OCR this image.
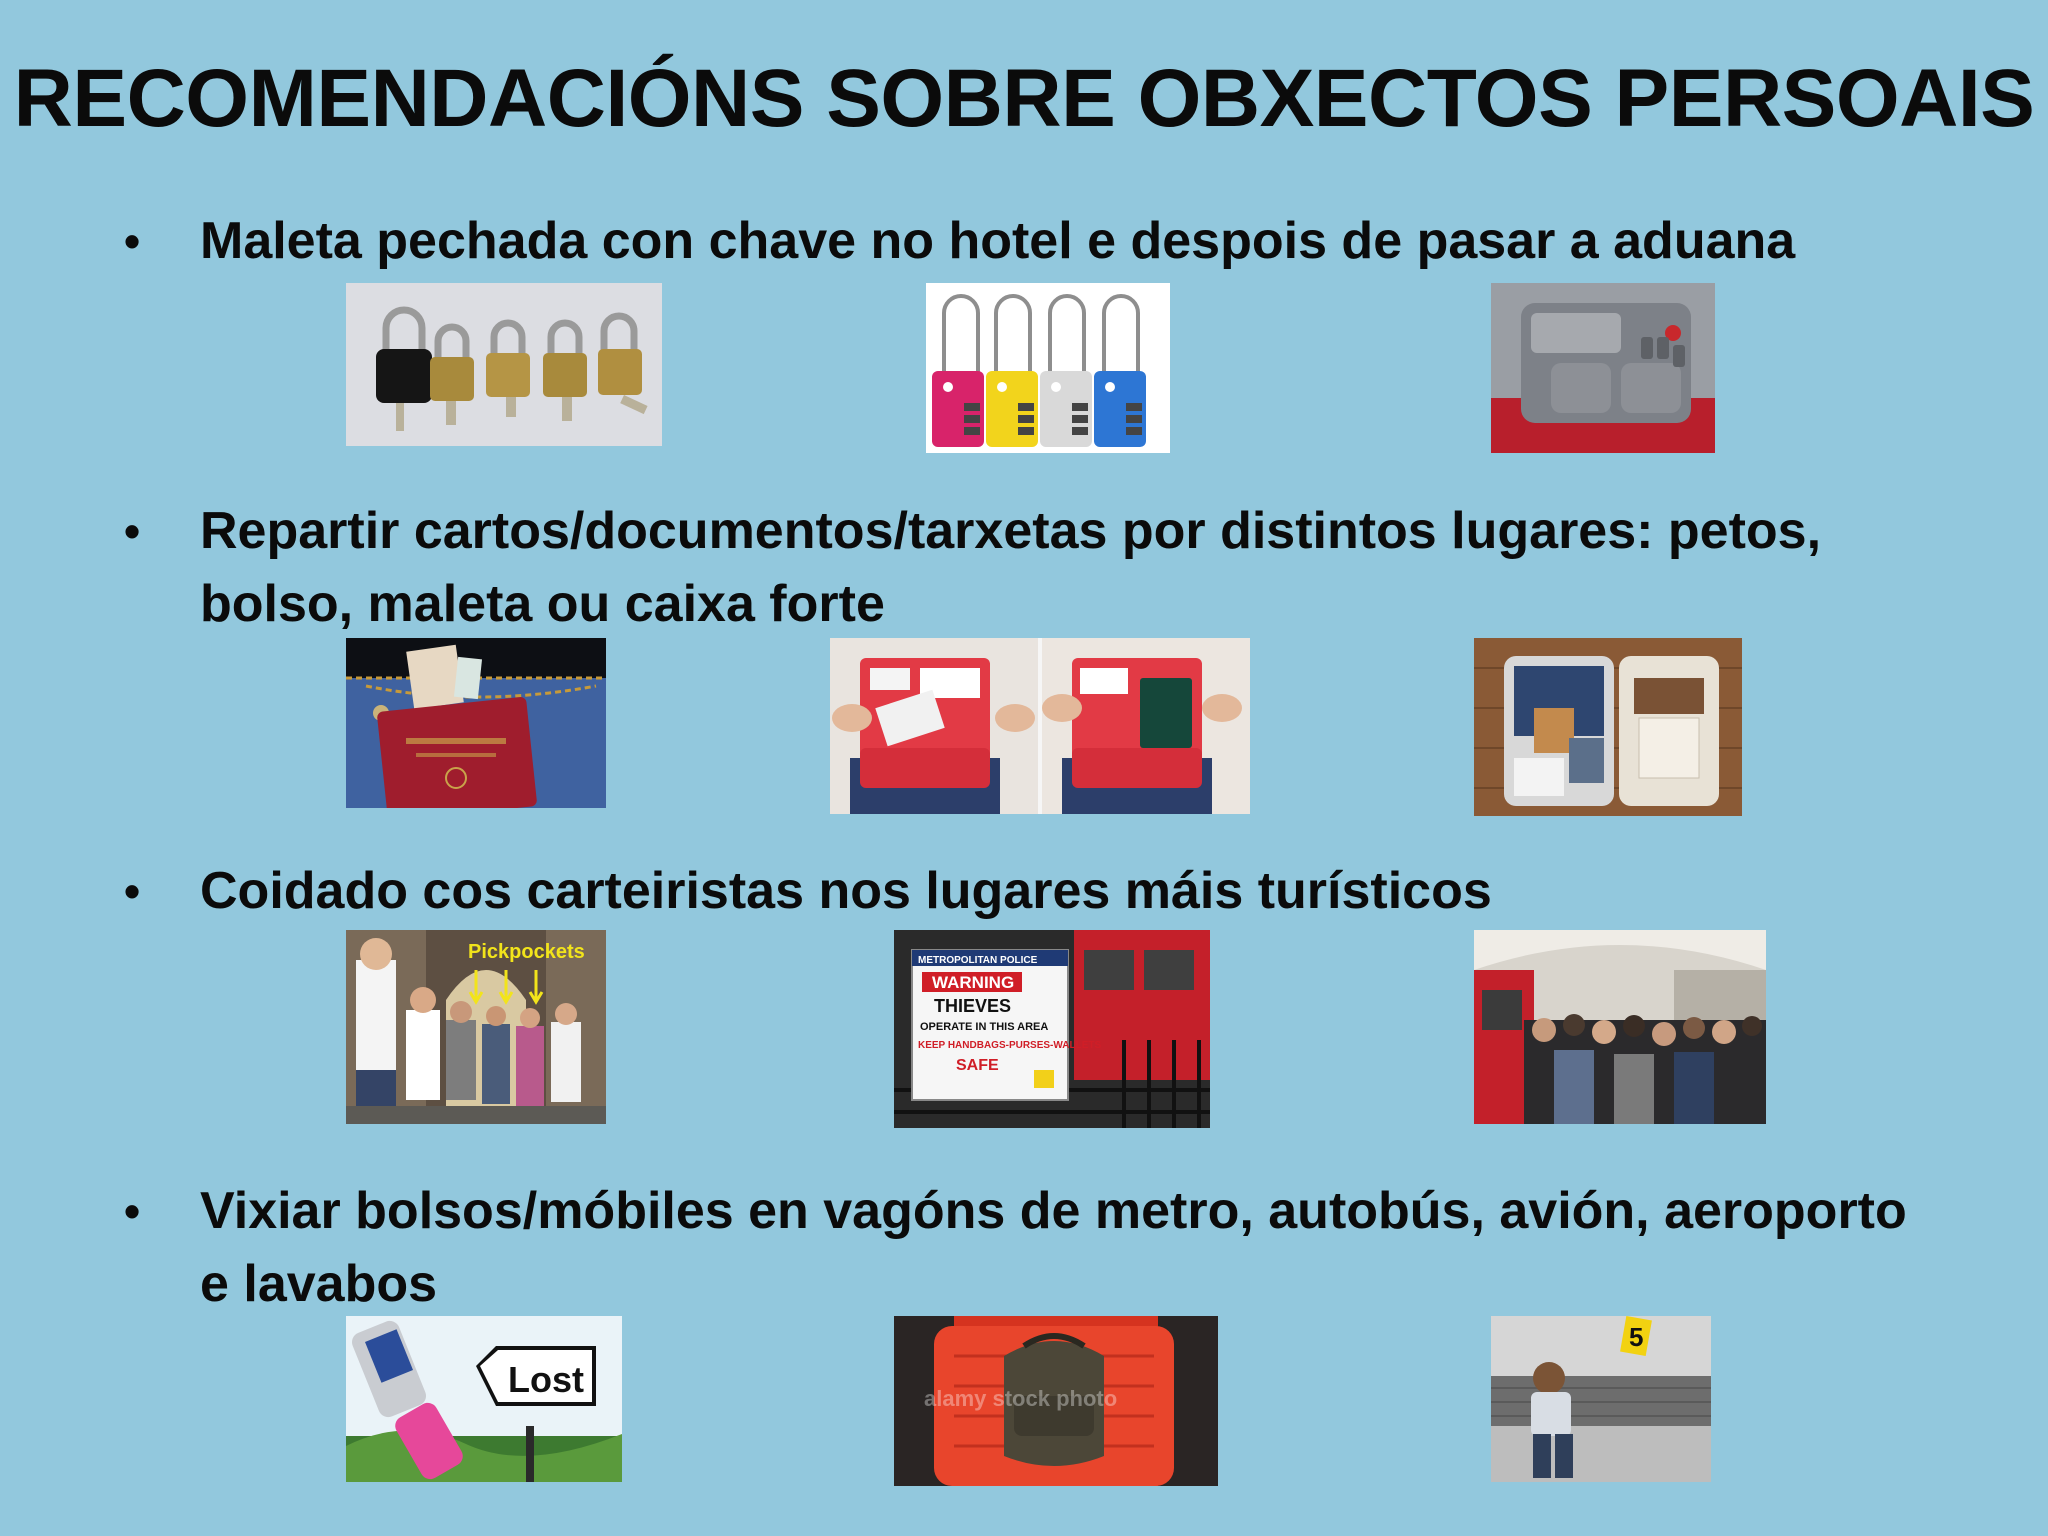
RECOMENDACIÓNS SOBRE OBXECTOS PERSOAIS
• Maleta pechada con chave no hotel e despois de pasar a aduana
• Repartir cartos/documentos/tarxetas por distintos lugares: petos,
bolso, maleta ou caixa forte
• Coidado cos carteiristas nos lugares máis turísticos
Pickpockets	METROPOLITAN POLICE
WARNING
THIEVES
OPERATE IN THIS AREA
KEEP HANDBAGS-PURSES-WALLETS
SAFE
• Vixiar bolsos/móbiles en vagóns de metro, autobús, avión, aeroporto
e lavabos
Lost	alamy stock photo
5
